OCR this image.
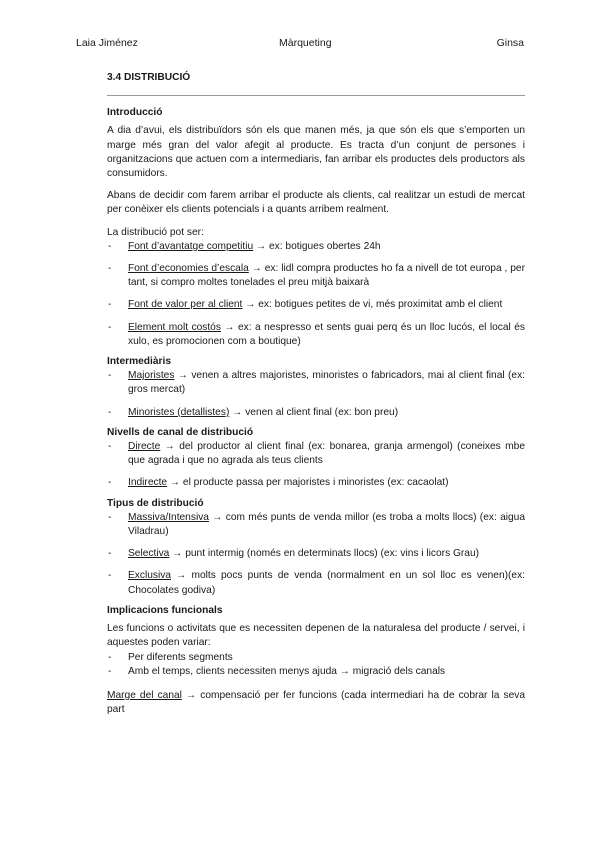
Laia Jiménez	Màrqueting	Ginsa
3.4 DISTRIBUCIÓ
Introducció

A dia d’avui, els distribuïdors són els que manen més, ja que són els que s’emporten un marge més gran del valor afegit al producte. Es tracta d’un conjunt de persones i organitzacions que actuen com a intermediaris, fan arribar els productes dels productors als consumidors.

Abans de decidir com farem arribar el producte als clients, cal realitzar un estudi de mercat per conèixer els clients potencials i a quants arribem realment.

La distribució pot ser:

- Font d’avantatge competitiu → ex: botigues obertes 24h
- Font d’economies d’escala → ex: lidl compra productes ho fa a nivell de tot europa , per tant, si compro moltes tonelades el preu mitjà baixarà
- Font de valor per al client → ex: botigues petites de vi, més proximitat amb el client
- Element molt costós → ex: a nespresso et sents guai perq és un lloc lucós, el local és xulo, es promocionen com a boutique)
Intermediàris
- Majoristes → venen a altres majoristes, minoristes o fabricadors, mai al client final (ex: gros mercat)
- Minoristes (detallistes) → venen al client final (ex: bon preu)
Nivells de canal de distribució
- Directe → del productor al client final (ex: bonarea, granja armengol) (coneixes mbe que agrada i que no agrada als teus clients
- Indirecte → el producte passa per majoristes i minoristes (ex: cacaolat)
Tipus de distribució
- Massiva/Intensiva → com més punts de venda millor (es troba a molts llocs) (ex: aigua Viladrau)
- Selectiva → punt intermig (només en determinats llocs) (ex: vins i licors Grau)
- Exclusiva → molts pocs punts de venda (normalment en un sol lloc es venen)(ex: Chocolates godiva)
Implicacions funcionals

Les funcions o activitats que es necessiten depenen de la naturalesa del producte / servei, i aquestes poden variar:

- Per diferents segments
- Amb el temps, clients necessiten menys ajuda → migració dels canals

Marge del canal → compensació per fer funcions (cada intermediari ha de cobrar la seva part
